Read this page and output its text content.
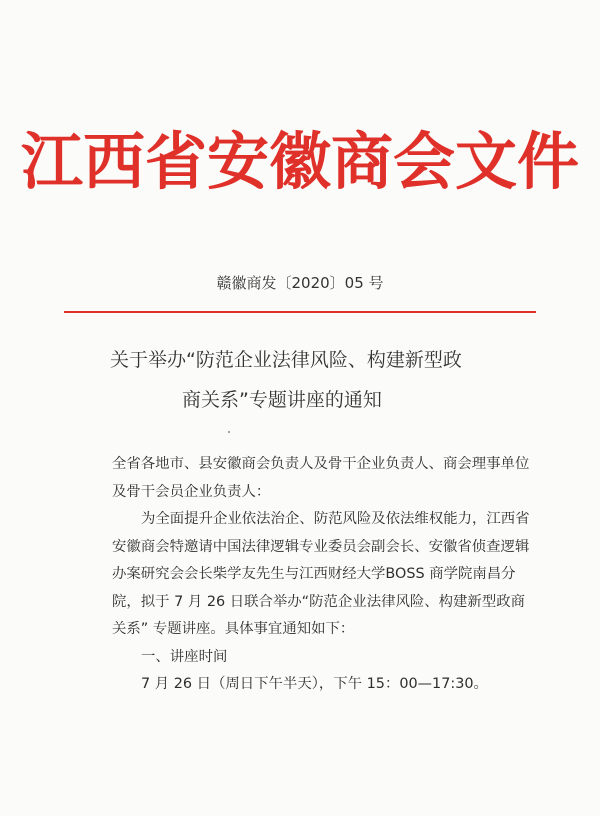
江西省安徽商会文件
赣徽商发〔2020〕05 号
关于举办“防范企业法律风险、构建新型政
商关系”专题讲座的通知

全省各地市、县安徽商会负责人及骨干企业负责人、商会理事单位及骨干会员企业负责人：

为全面提升企业依法治企、防范风险及依法维权能力，江西省安徽商会特邀请中国法律逻辑专业委员会副会长、安徽省侦查逻辑办案研究会会长柴学友先生与江西财经大学BOSS 商学院南昌分院，拟于 7 月 26 日联合举办“防范企业法律风险、构建新型政商关系” 专题讲座。具体事宜通知如下：

一、讲座时间

7 月 26 日（周日下午半天），下午 15：00—17:30。
